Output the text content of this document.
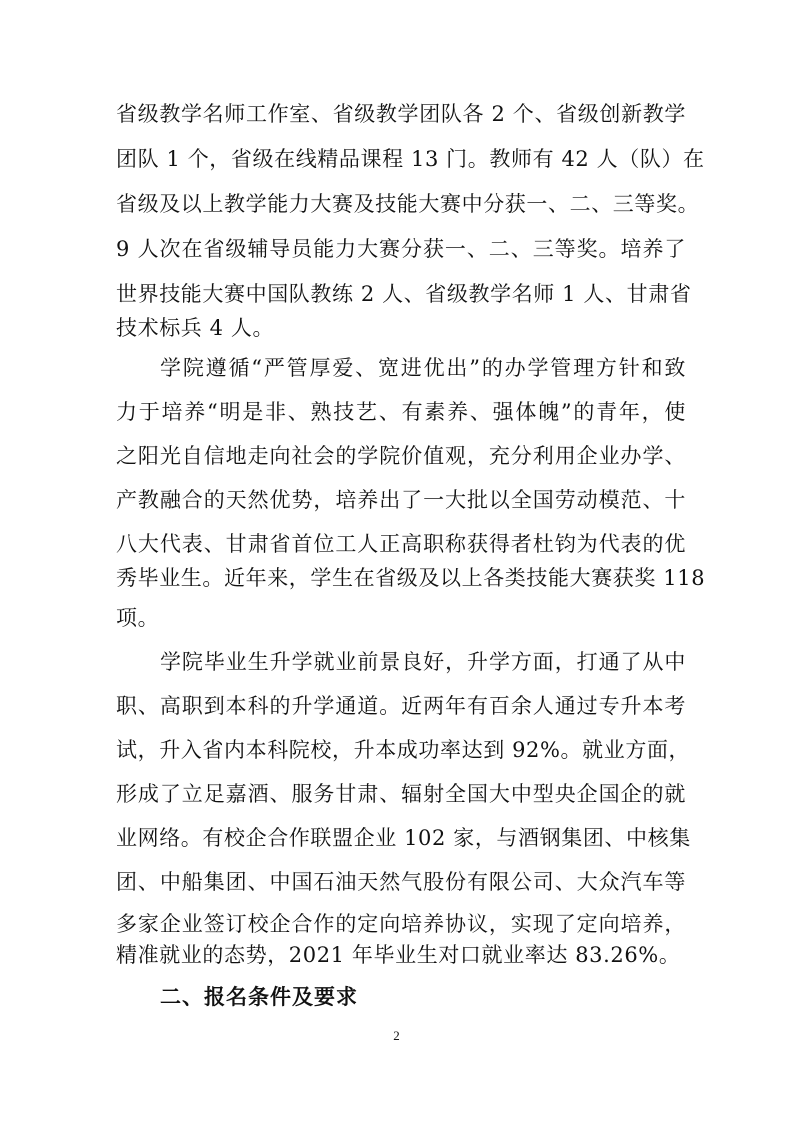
省级教学名师工作室、省级教学团队各 2 个、省级创新教学

团队 1 个，省级在线精品课程 13 门。教师有 42 人（队）在

省级及以上教学能力大赛及技能大赛中分获一、二、三等奖。

9 人次在省级辅导员能力大赛分获一、二、三等奖。培养了

世界技能大赛中国队教练 2 人、省级教学名师 1 人、甘肃省

技术标兵 4 人。

学院遵循“严管厚爱、宽进优出”的办学管理方针和致

力于培养“明是非、熟技艺、有素养、强体魄”的青年，使

之阳光自信地走向社会的学院价值观，充分利用企业办学、

产教融合的天然优势，培养出了一大批以全国劳动模范、十

八大代表、甘肃省首位工人正高职称获得者杜钧为代表的优

秀毕业生。近年来，学生在省级及以上各类技能大赛获奖 118

项。

学院毕业生升学就业前景良好，升学方面，打通了从中

职、高职到本科的升学通道。近两年有百余人通过专升本考

试，升入省内本科院校，升本成功率达到 92%。就业方面，

形成了立足嘉酒、服务甘肃、辐射全国大中型央企国企的就

业网络。有校企合作联盟企业 102 家，与酒钢集团、中核集

团、中船集团、中国石油天然气股份有限公司、大众汽车等

多家企业签订校企合作的定向培养协议，实现了定向培养，

精准就业的态势，2021 年毕业生对口就业率达 83.26%。

二、报名条件及要求

2
